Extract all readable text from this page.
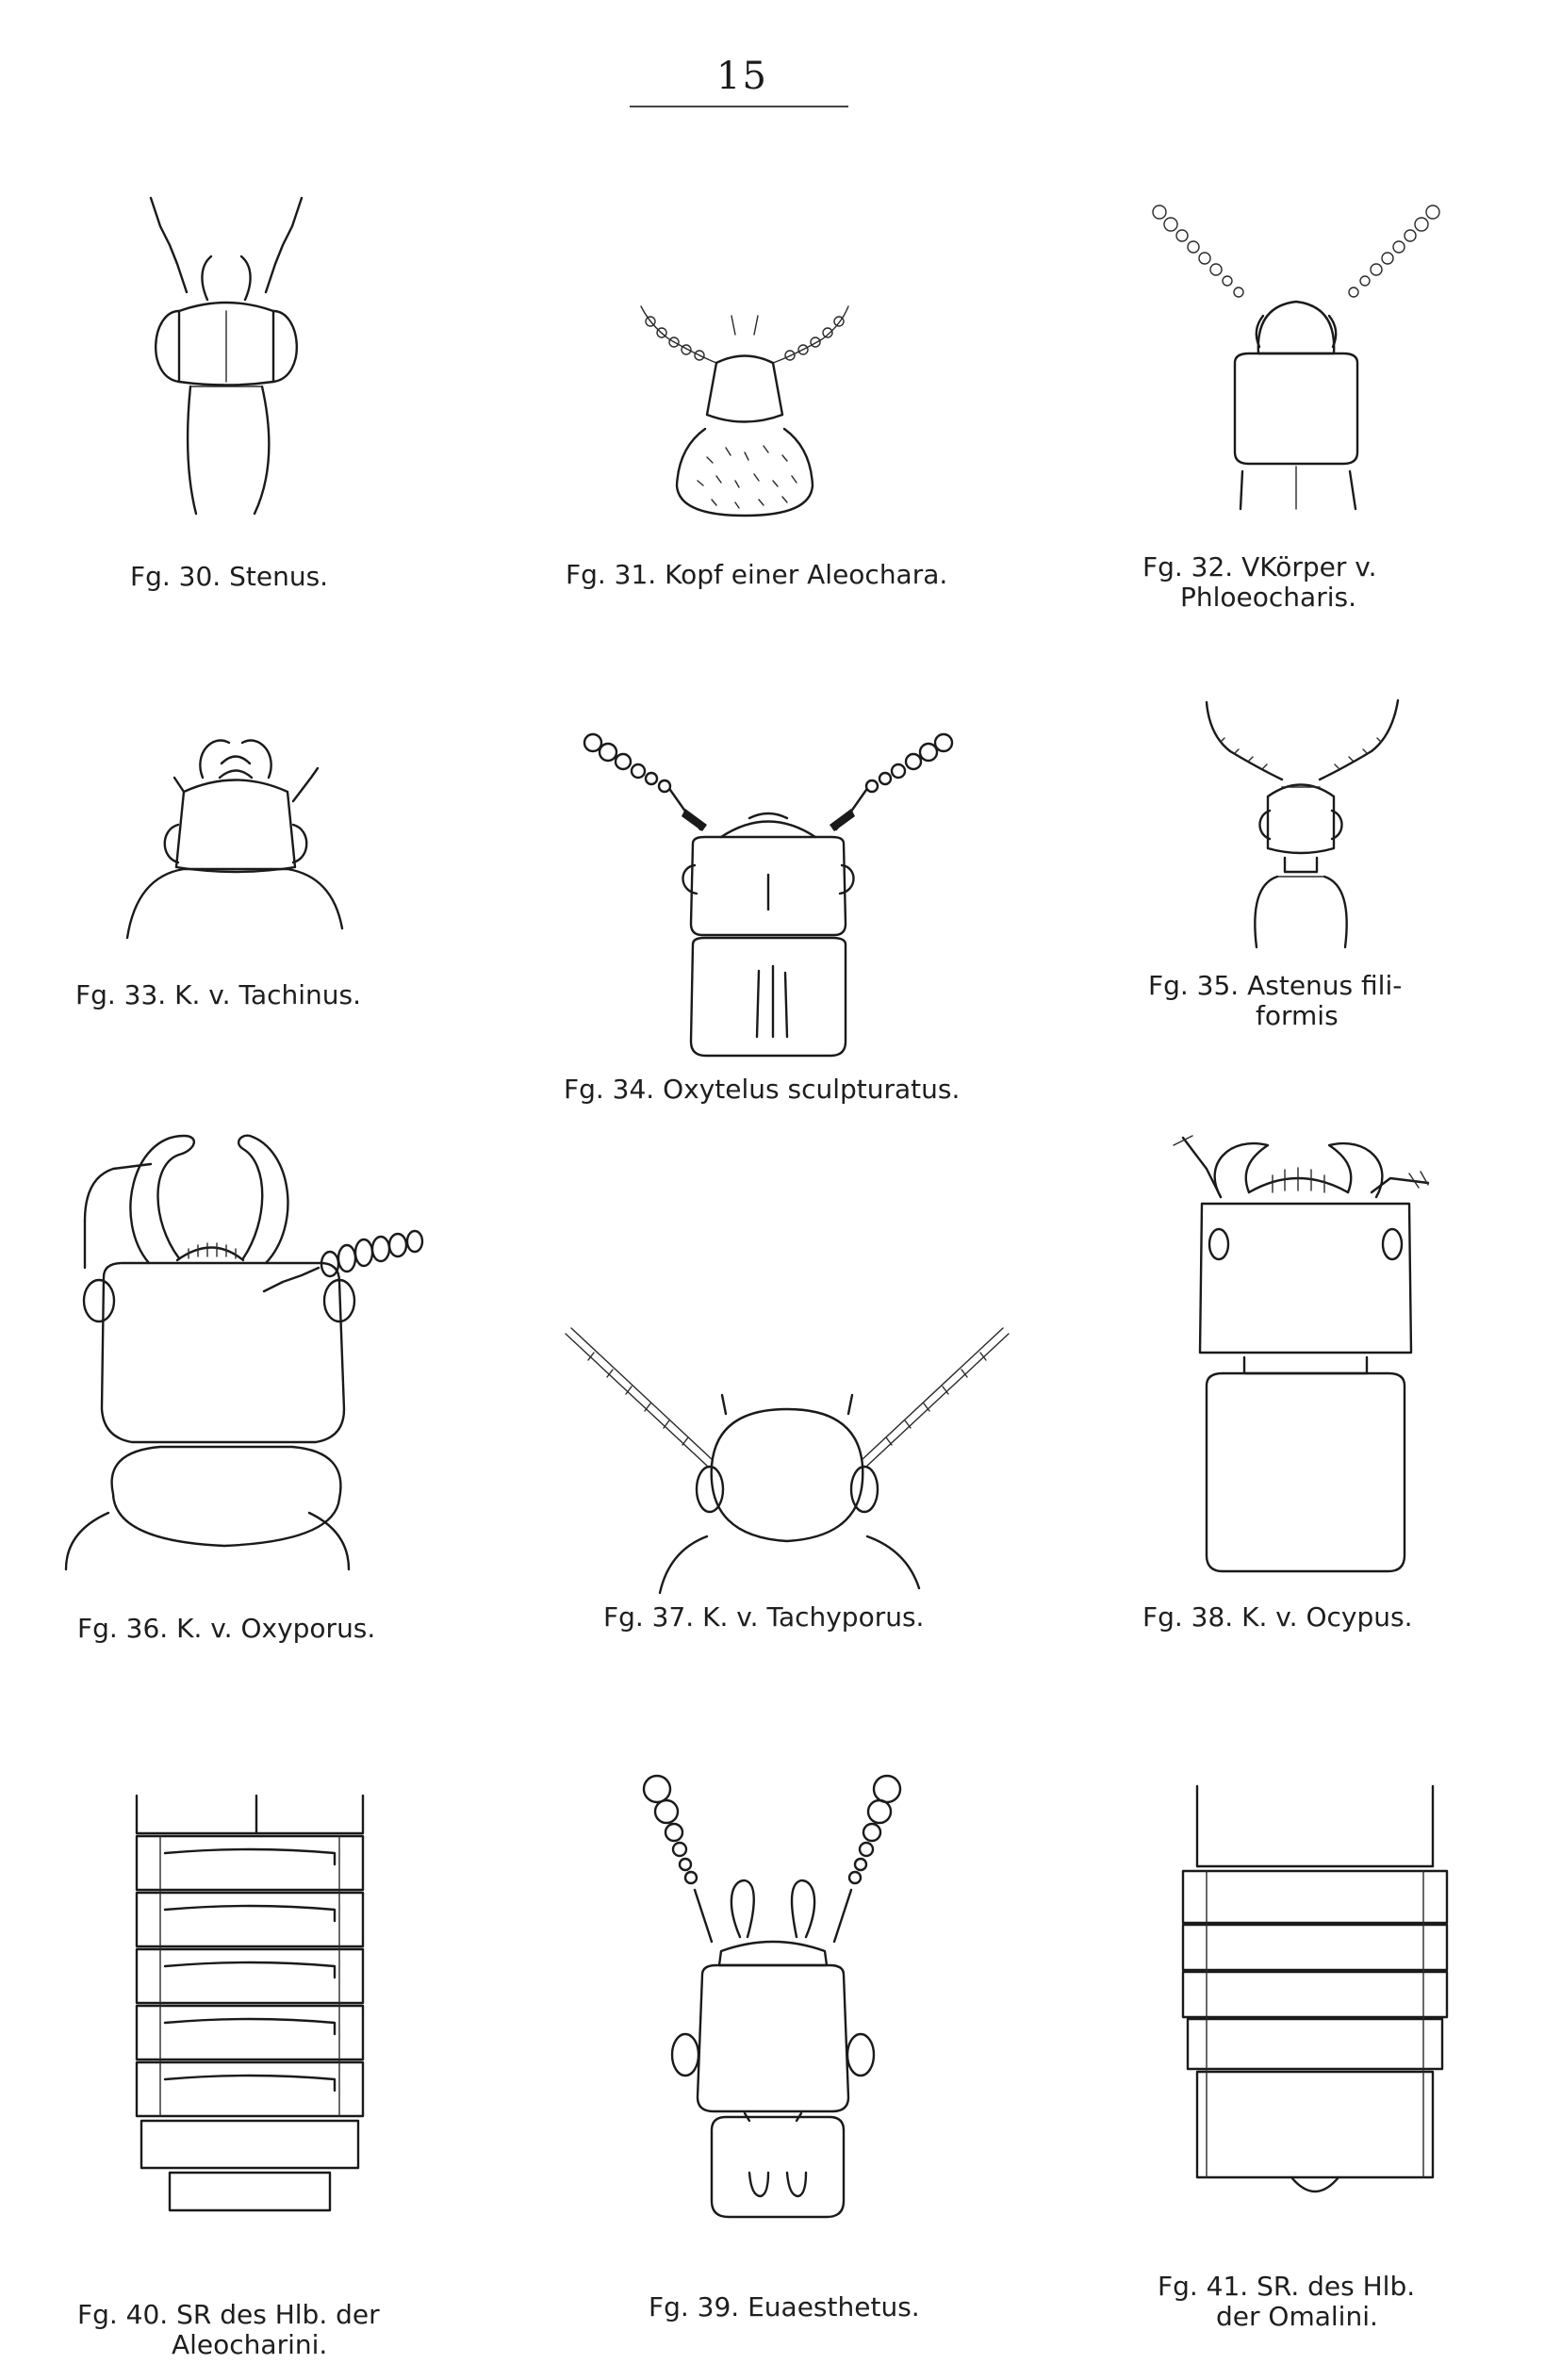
15
Fg. 30. Stenus.	Fg. 31. Kopf einer Aleochara.	Fg. 32. VKörper v.
Phloeocharis.
Fg. 33. K. v. Tachinus.
Fg. 34. Oxytelus sculpturatus.
Fg. 35. Astenus fili-
formis
Fg. 36. K. v. Oxyporus.	Fg. 37. K. v. Tachyporus.	Fg. 38. K. v. Ocypus.
Fg. 40. SR des Hlb. der
Aleocharini.
Fg. 39. Euaesthetus.
Fg. 41. SR. des Hlb.
der Omalini.
